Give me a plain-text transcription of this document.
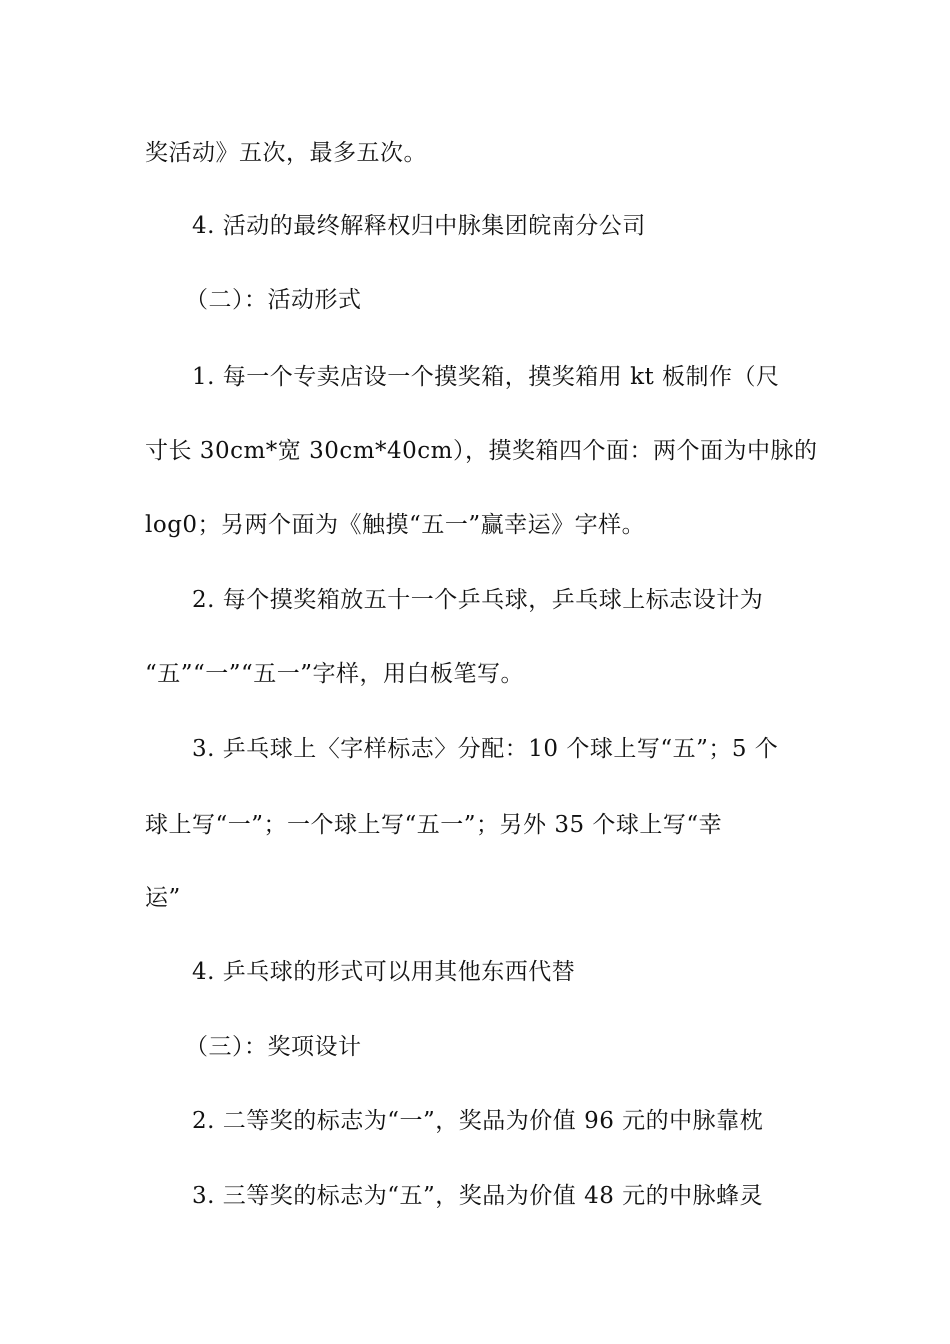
奖活动》五次，最多五次。
4. 活动的最终解释权归中脉集团皖南分公司
（二）：活动形式
1. 每一个专卖店设一个摸奖箱，摸奖箱用 kt 板制作（尺
寸长 30cm*宽 30cm*40cm），摸奖箱四个面：两个面为中脉的
log0；另两个面为《触摸“五一”赢幸运》字样。
2. 每个摸奖箱放五十一个乒乓球，乒乓球上标志设计为
“五”“一”“五一”字样，用白板笔写。
3. 乒乓球上〈字样标志〉分配：10 个球上写“五”；5 个
球上写“一”；一个球上写“五一”；另外 35 个球上写“幸
运”
4. 乒乓球的形式可以用其他东西代替
（三）：奖项设计
2. 二等奖的标志为“一”，奖品为价值 96 元的中脉靠枕
3. 三等奖的标志为“五”，奖品为价值 48 元的中脉蜂灵
